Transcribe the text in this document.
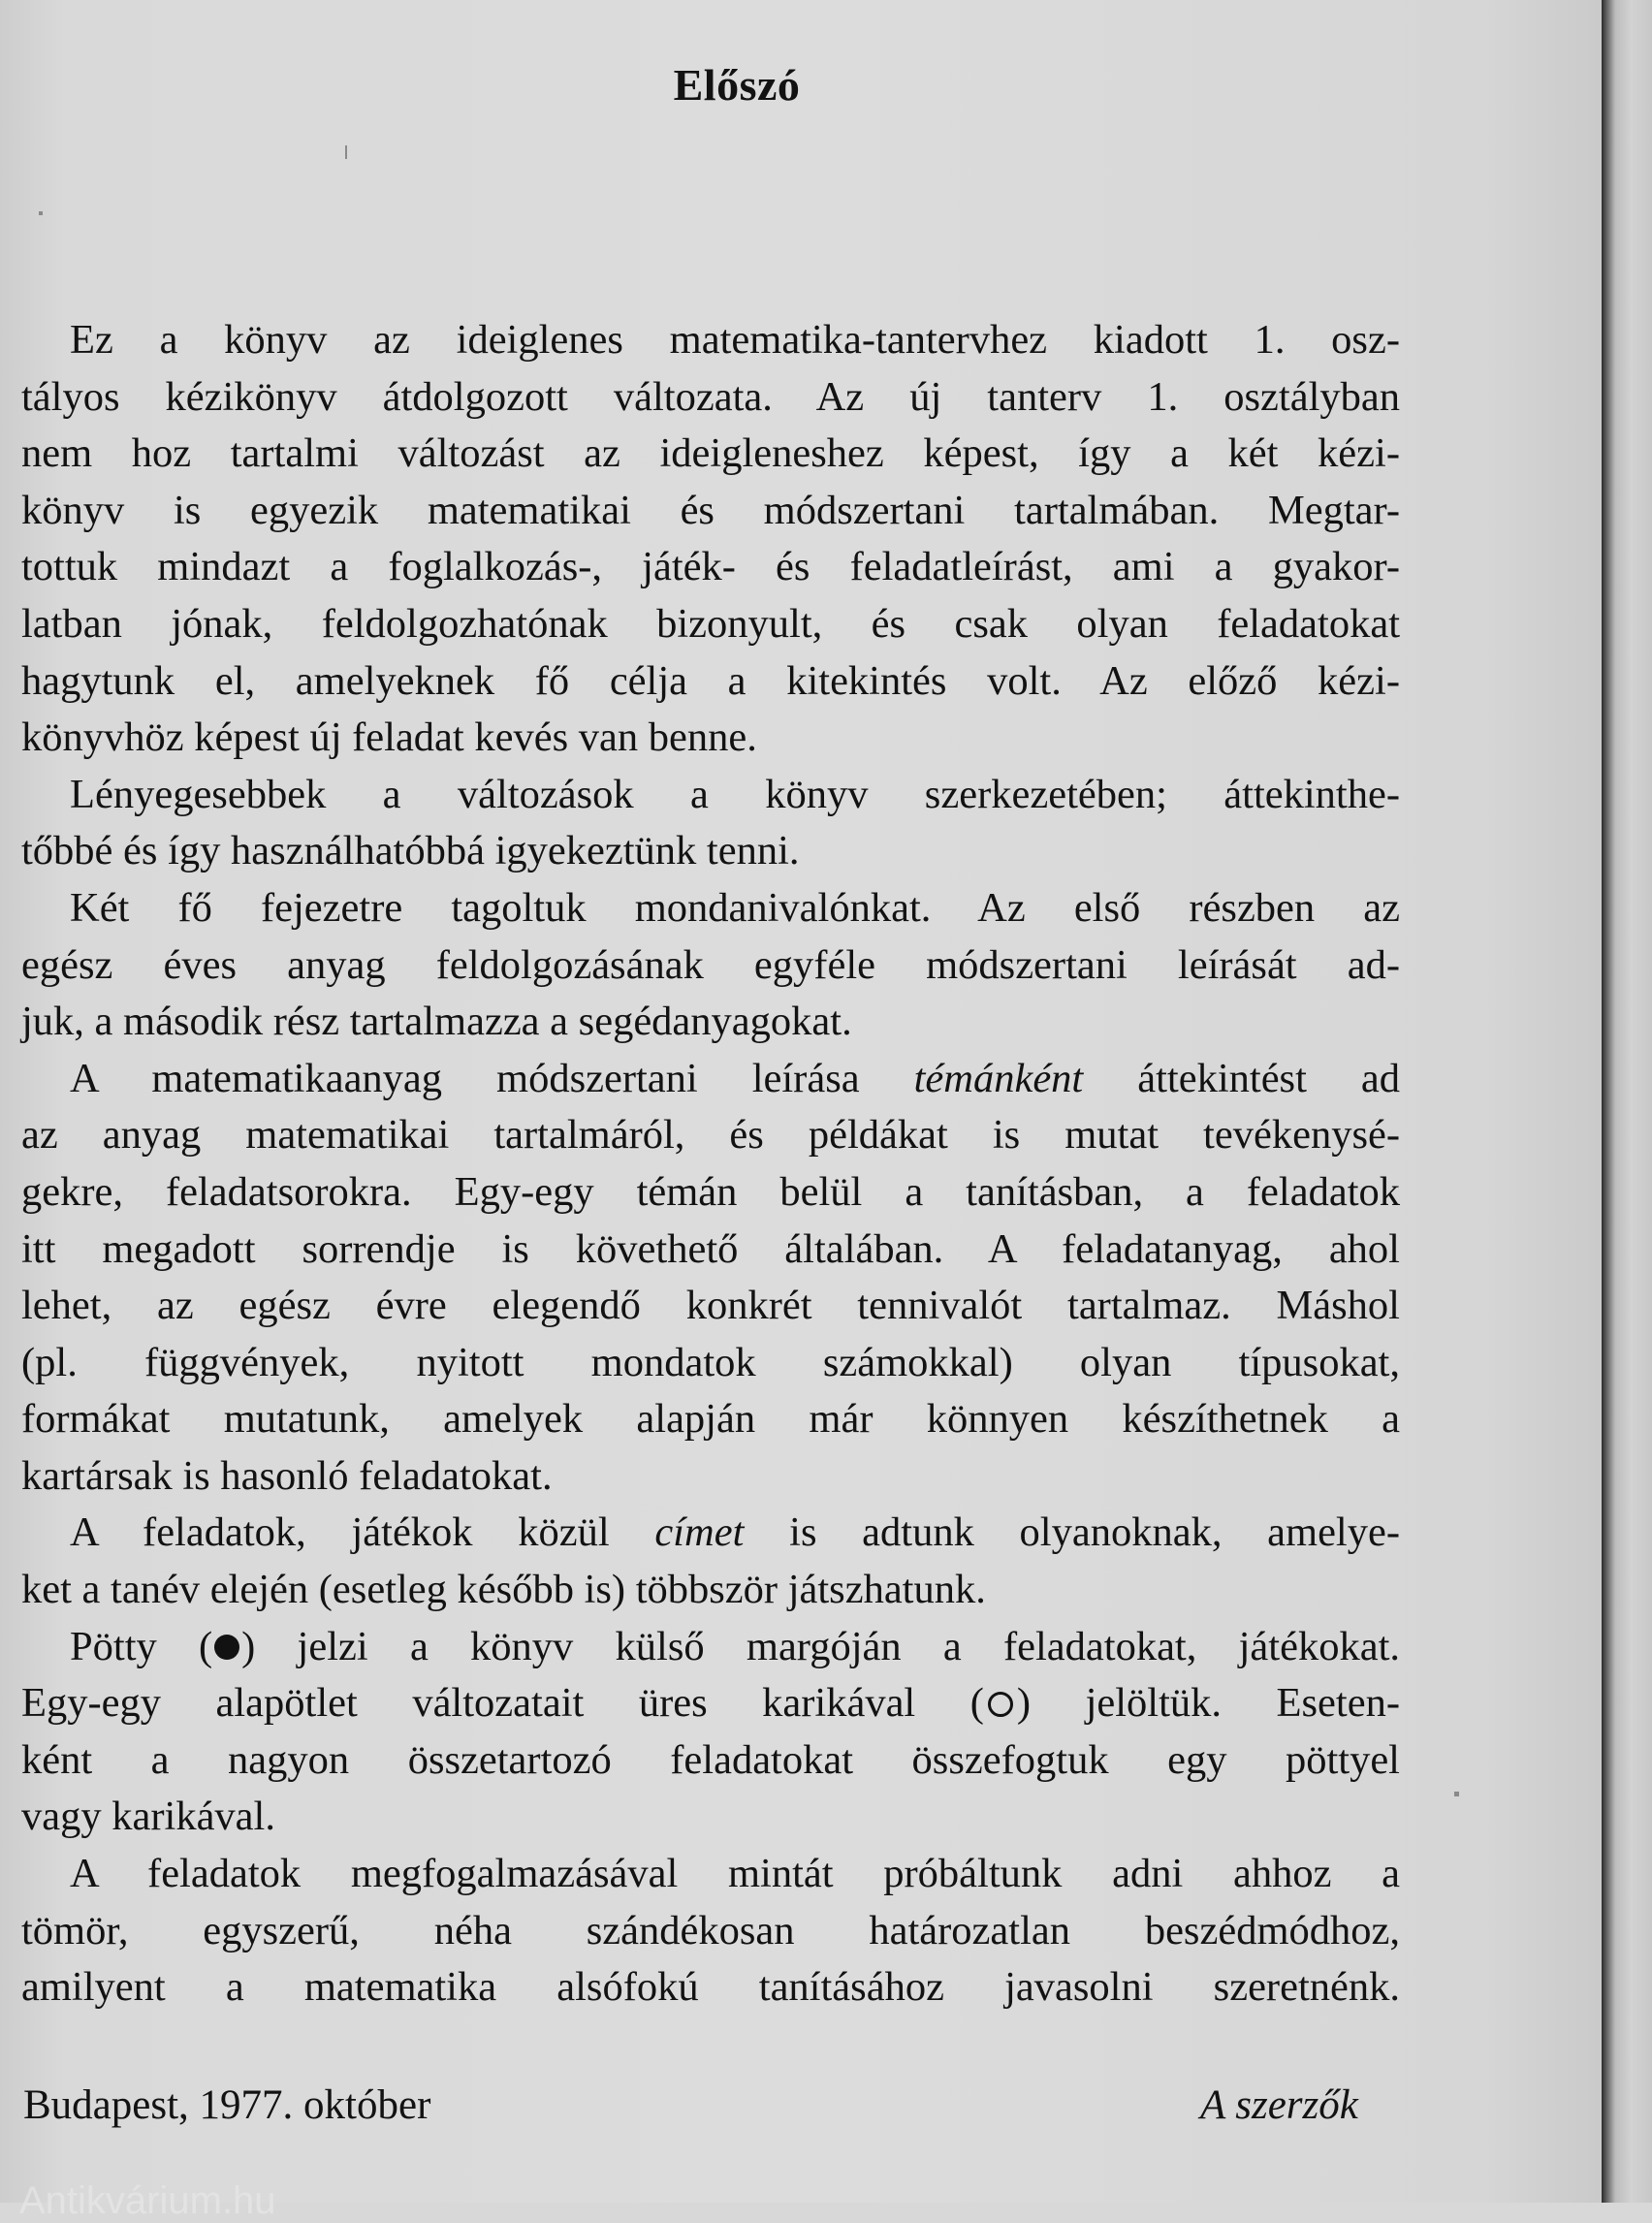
Előszó
Ez a könyv az ideiglenes matematika-tantervhez kiadott 1. osz-
tályos kézikönyv átdolgozott változata. Az új tanterv 1. osztályban
nem hoz tartalmi változást az ideigleneshez képest, így a két kézi-
könyv is egyezik matematikai és módszertani tartalmában. Megtar-
tottuk mindazt a foglalkozás-, játék- és feladatleírást, ami a gyakor-
latban jónak, feldolgozhatónak bizonyult, és csak olyan feladatokat
hagytunk el, amelyeknek fő célja a kitekintés volt. Az előző kézi-
könyvhöz képest új feladat kevés van benne.
Lényegesebbek a változások a könyv szerkezetében; áttekinthe-
tőbbé és így használhatóbbá igyekeztünk tenni.
Két fő fejezetre tagoltuk mondanivalónkat. Az első részben az
egész éves anyag feldolgozásának egyféle módszertani leírását ad-
juk, a második rész tartalmazza a segédanyagokat.
A matematikaanyag módszertani leírása témánként áttekintést ad
az anyag matematikai tartalmáról, és példákat is mutat tevékenysé-
gekre, feladatsorokra. Egy-egy témán belül a tanításban, a feladatok
itt megadott sorrendje is követhető általában. A feladatanyag, ahol
lehet, az egész évre elegendő konkrét tennivalót tartalmaz. Máshol
(pl. függvények, nyitott mondatok számokkal) olyan típusokat,
formákat mutatunk, amelyek alapján már könnyen készíthetnek a
kartársak is hasonló feladatokat.
A feladatok, játékok közül címet is adtunk olyanoknak, amelye-
ket a tanév elején (esetleg később is) többször játszhatunk.
Pötty ( ) jelzi a könyv külső margóján a feladatokat, játékokat.
Egy-egy alapötlet változatait üres karikával ( ) jelöltük. Eseten-
ként a nagyon összetartozó feladatokat összefogtuk egy pöttyel
vagy karikával.
A feladatok megfogalmazásával mintát próbáltunk adni ahhoz a
tömör, egyszerű, néha szándékosan határozatlan beszédmódhoz,
amilyent a matematika alsófokú tanításához javasolni szeretnénk.
Budapest, 1977. október	A szerzők
Antikvárium.hu
